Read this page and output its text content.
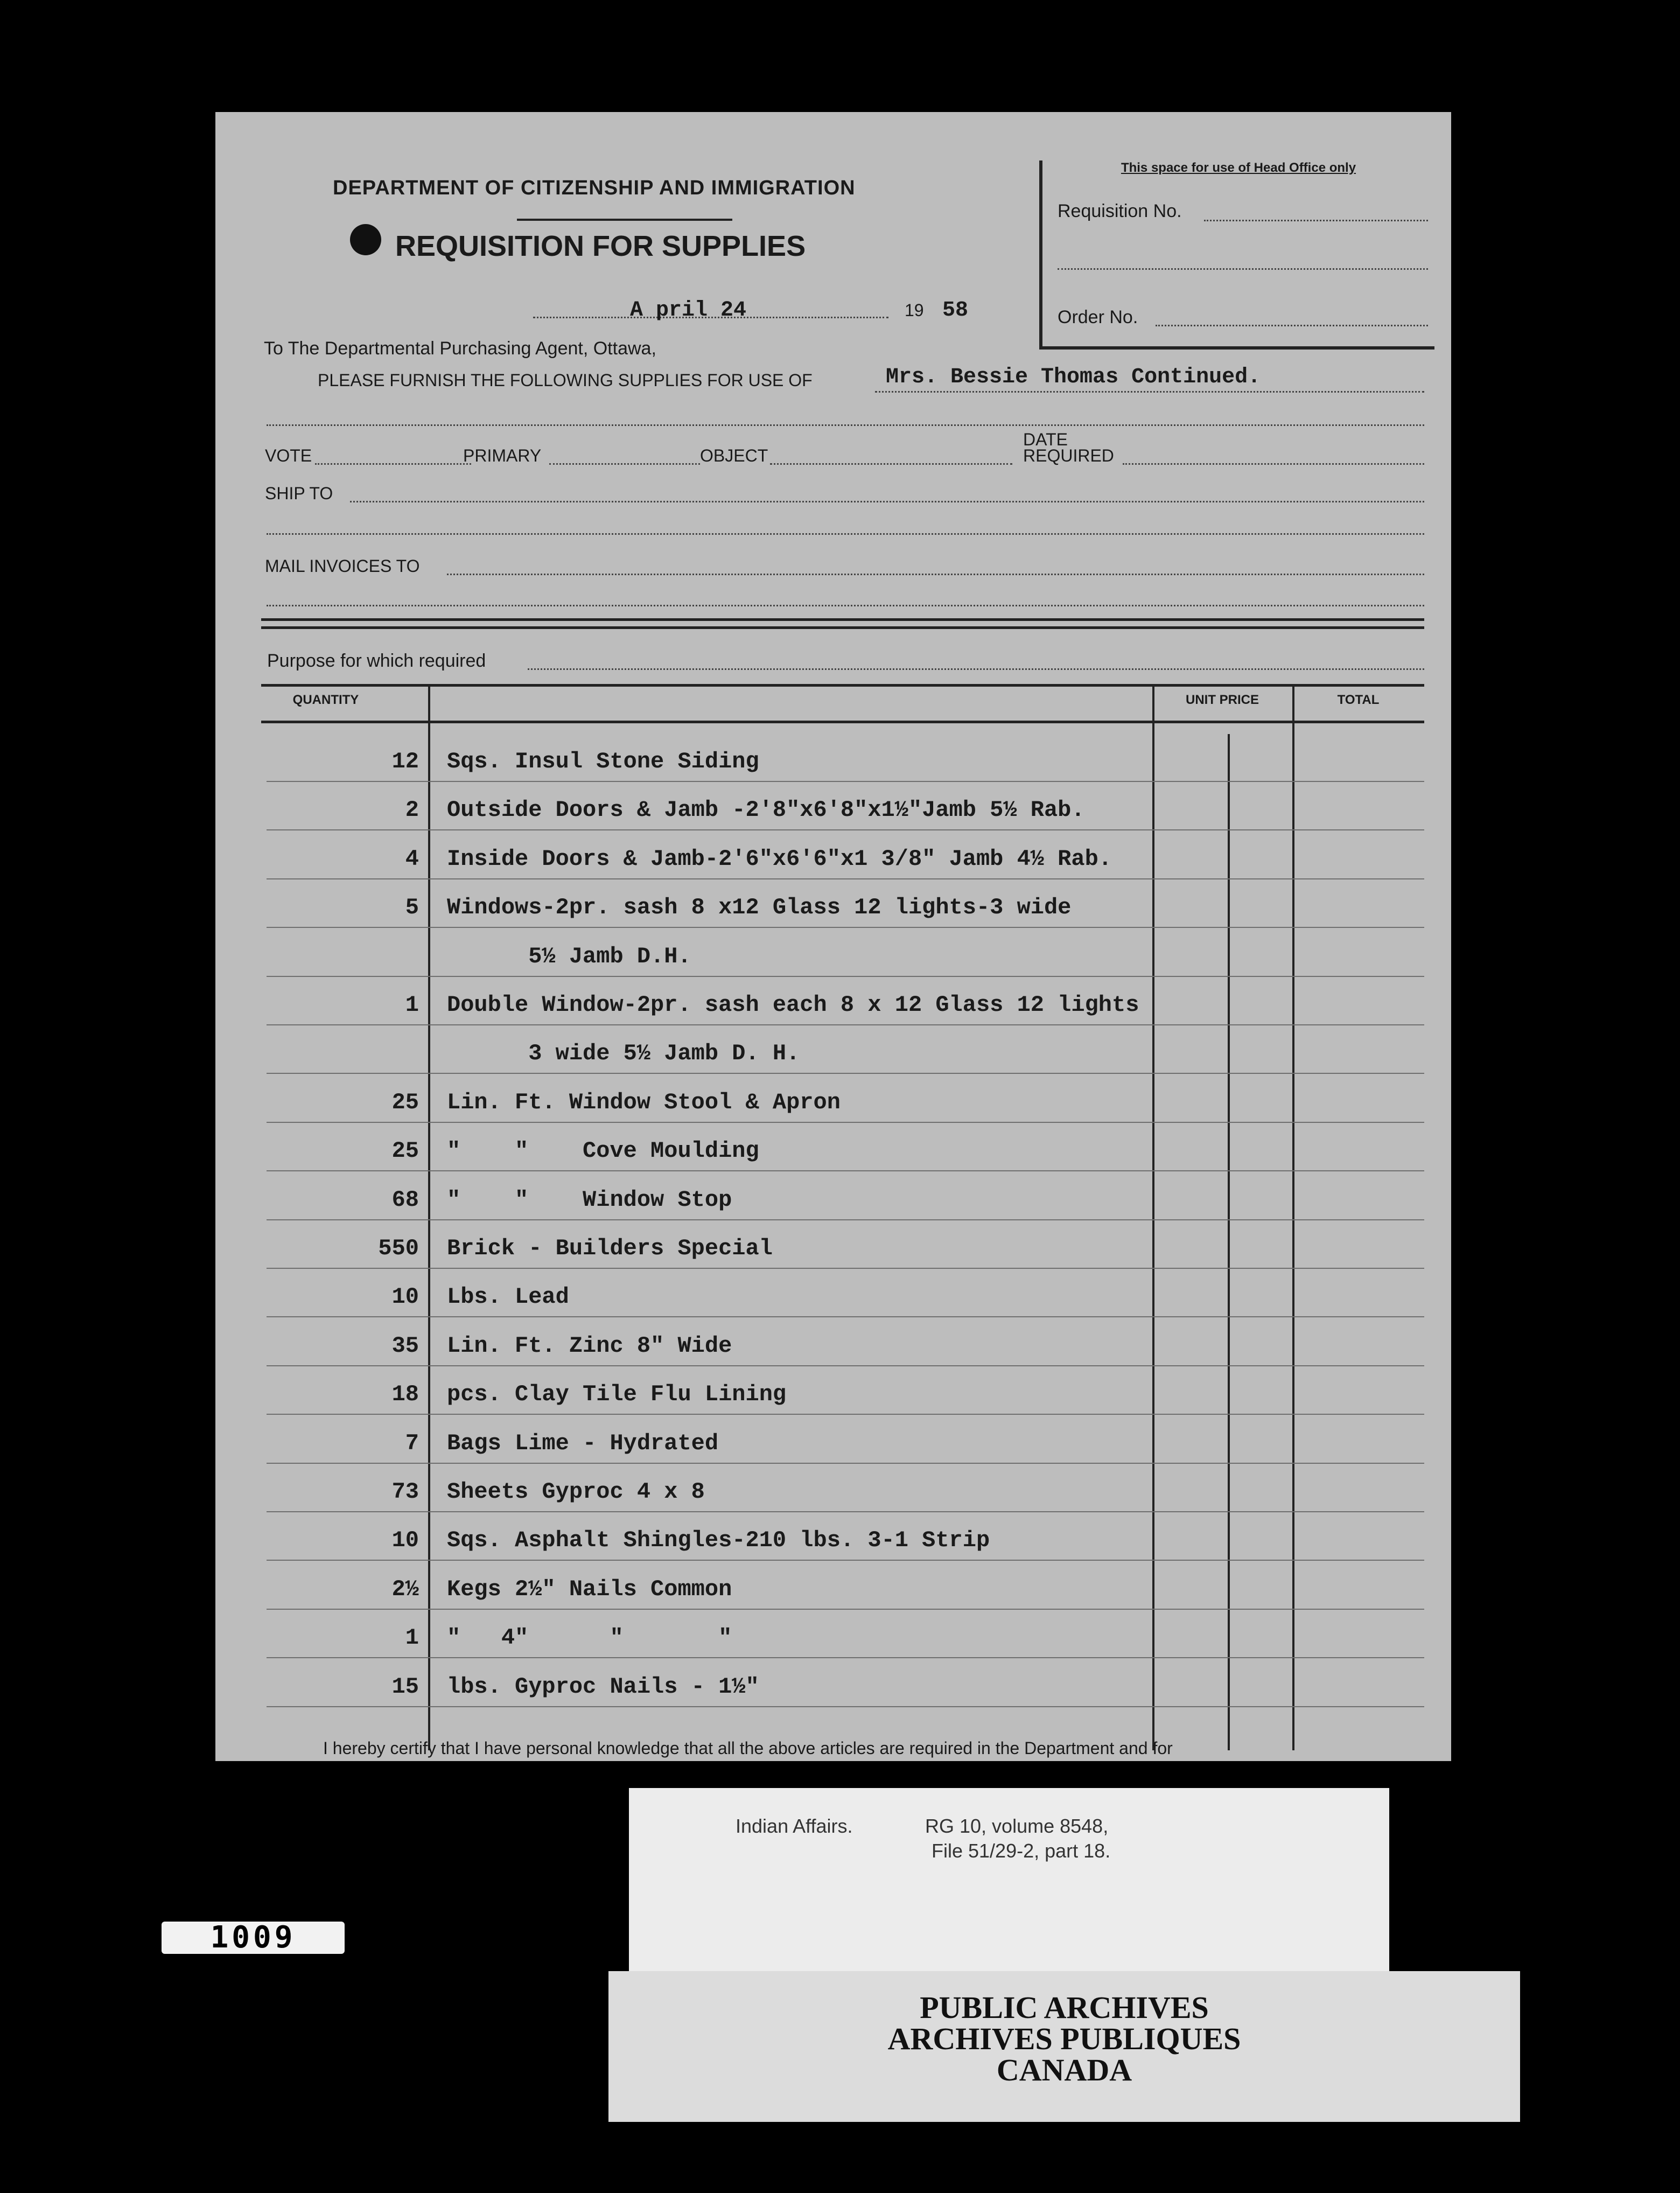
This space for use of Head Office only
Requisition No.
Order No.
DEPARTMENT OF CITIZENSHIP AND IMMIGRATION
REQUISITION FOR SUPPLIES
A pril 24	19 58
To The Departmental Purchasing Agent, Ottawa,
PLEASE FURNISH THE FOLLOWING SUPPLIES FOR USE OF	Mrs. Bessie Thomas Continued.
VOTE	PRIMARY	OBJECT
DATE
REQUIRED
SHIP TO
MAIL INVOICES TO
Purpose for which required
QUANTITY	UNIT PRICE	TOTAL
12 Sqs. Insul Stone Siding
2 Outside Doors & Jamb -2'8"x6'8"x1½"Jamb 5½ Rab.
4 Inside Doors & Jamb-2'6"x6'6"x1 3/8" Jamb 4½ Rab.
5 Windows-2pr. sash 8 x12 Glass 12 lights-3 wide
5½ Jamb D.H.
1 Double Window-2pr. sash each 8 x 12 Glass 12 lights
3 wide 5½ Jamb D. H.
25 Lin. Ft. Window Stool & Apron
25 "    "    Cove Moulding
68 "    "    Window Stop
550 Brick - Builders Special
10 Lbs. Lead
35 Lin. Ft. Zinc 8" Wide
18 pcs. Clay Tile Flu Lining
7 Bags Lime - Hydrated
73 Sheets Gyproc 4 x 8
10 Sqs. Asphalt Shingles-210 lbs. 3-1 Strip
2½ Kegs 2½" Nails Common
1 "   4"      "       "
15 lbs. Gyproc Nails - 1½"
I hereby certify that I have personal knowledge that all the above articles are required in the Department and for
Indian Affairs.	RG 10, volume 8548,
File 51/29-2, part 18.
PUBLIC ARCHIVES
ARCHIVES PUBLIQUES
CANADA
1009
